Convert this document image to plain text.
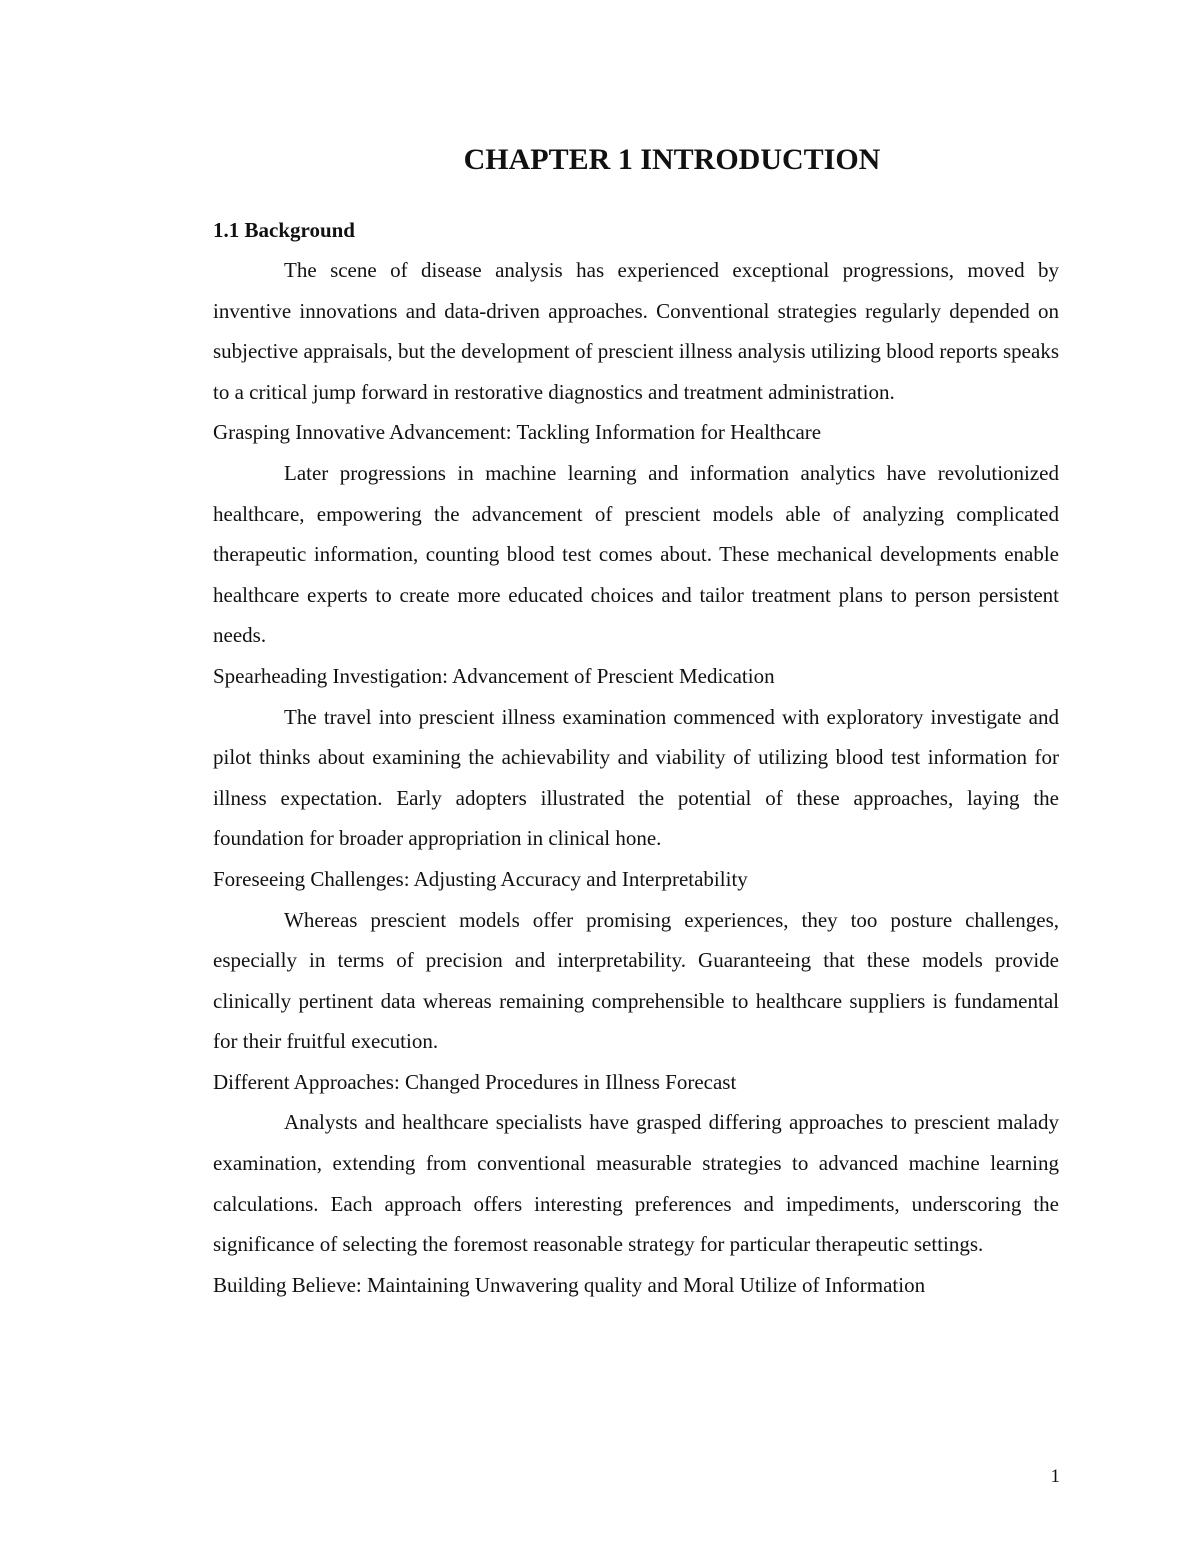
CHAPTER 1 INTRODUCTION
1.1 Background

The scene of disease analysis has experienced exceptional progressions, moved by inventive innovations and data-driven approaches. Conventional strategies regularly depended on subjective appraisals, but the development of prescient illness analysis utilizing blood reports speaks to a critical jump forward in restorative diagnostics and treatment administration.

Grasping Innovative Advancement: Tackling Information for Healthcare

Later progressions in machine learning and information analytics have revolutionized healthcare, empowering the advancement of prescient models able of analyzing complicated therapeutic information, counting blood test comes about. These mechanical developments enable healthcare experts to create more educated choices and tailor treatment plans to person persistent needs.

Spearheading Investigation: Advancement of Prescient Medication

The travel into prescient illness examination commenced with exploratory investigate and pilot thinks about examining the achievability and viability of utilizing blood test information for illness expectation. Early adopters illustrated the potential of these approaches, laying the foundation for broader appropriation in clinical hone.

Foreseeing Challenges: Adjusting Accuracy and Interpretability

Whereas prescient models offer promising experiences, they too posture challenges, especially in terms of precision and interpretability. Guaranteeing that these models provide clinically pertinent data whereas remaining comprehensible to healthcare suppliers is fundamental for their fruitful execution.

Different Approaches: Changed Procedures in Illness Forecast

Analysts and healthcare specialists have grasped differing approaches to prescient malady examination, extending from conventional measurable strategies to advanced machine learning calculations. Each approach offers interesting preferences and impediments, underscoring the significance of selecting the foremost reasonable strategy for particular therapeutic settings.

Building Believe: Maintaining Unwavering quality and Moral Utilize of Information

1
